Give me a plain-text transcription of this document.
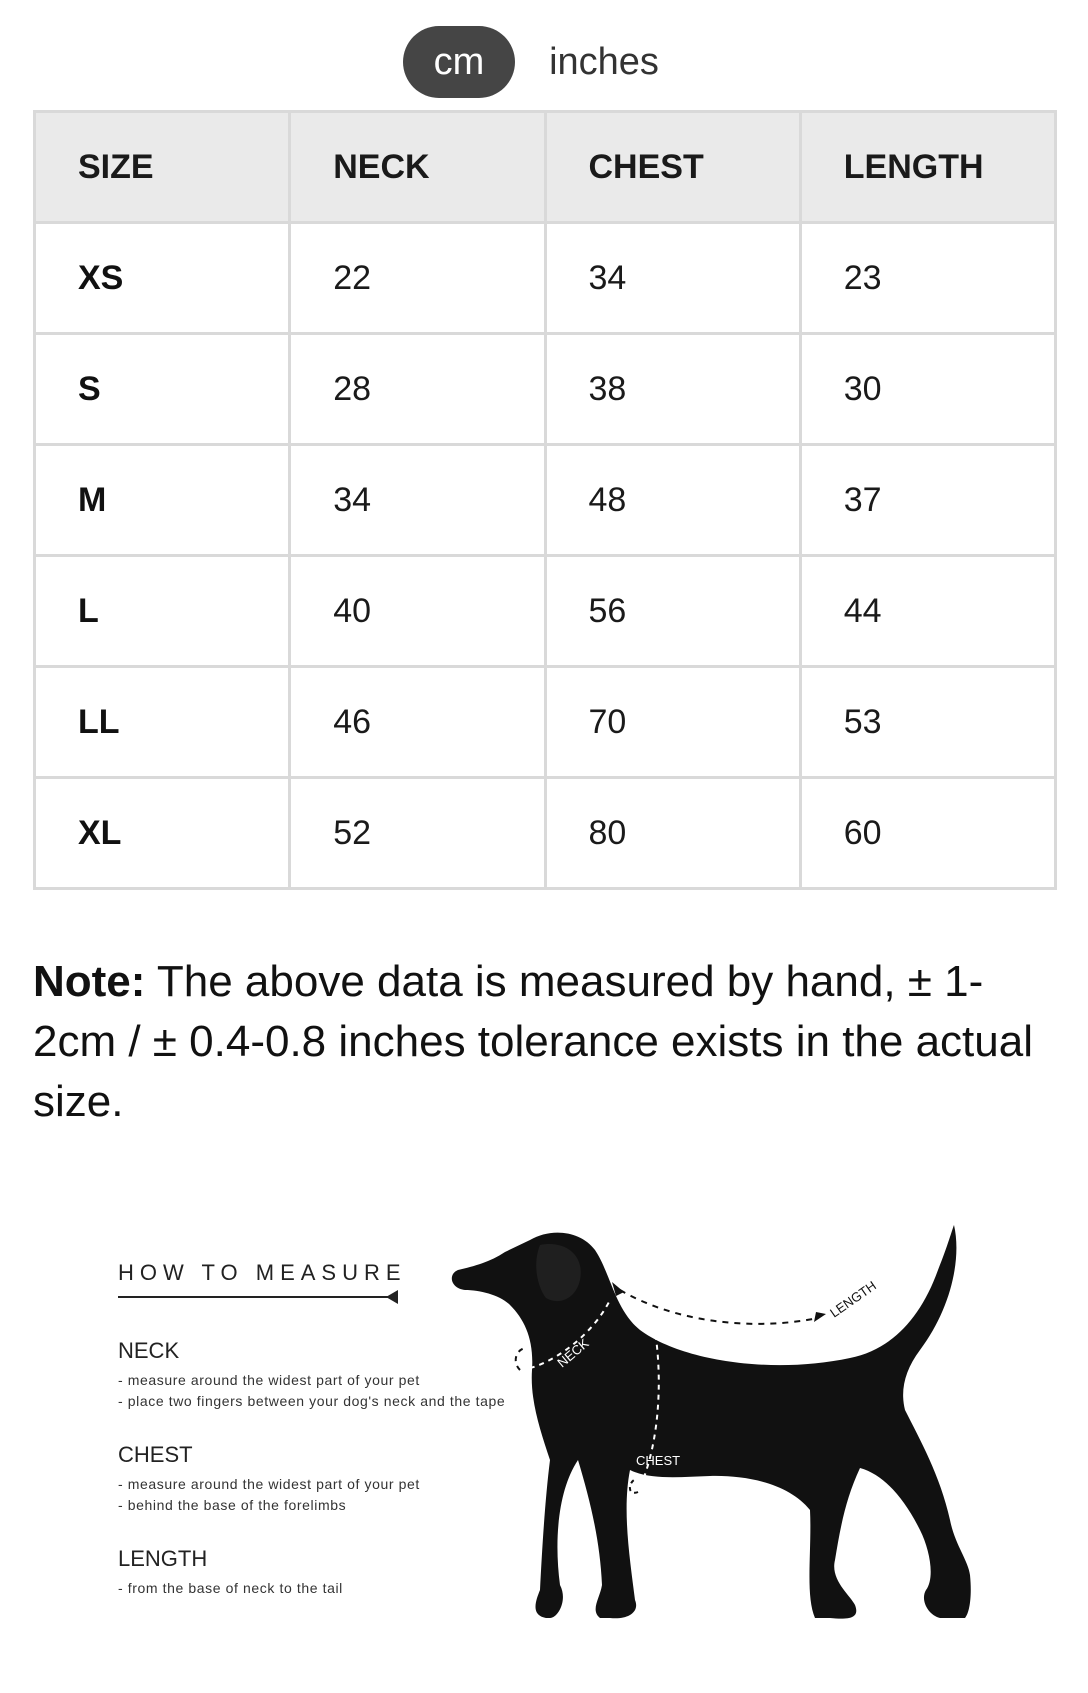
cm	inches
SIZE	NECK	CHEST	LENGTH
XS	22	34	23
S	28	38	30
M	34	48	37
L	40	56	44
LL	46	70	53
XL	52	80	60
Note: The above data is measured by hand, ± 1-2cm / ± 0.4-0.8 inches tolerance exists in the actual size.
HOW TO MEASURE
NECK
- measure around the widest part of your pet
- place two fingers between your dog's neck and the tape
CHEST
- measure around the widest part of your pet
- behind the base of the forelimbs
LENGTH
- from the base of neck to the tail
LENGTH
NECK
CHEST
